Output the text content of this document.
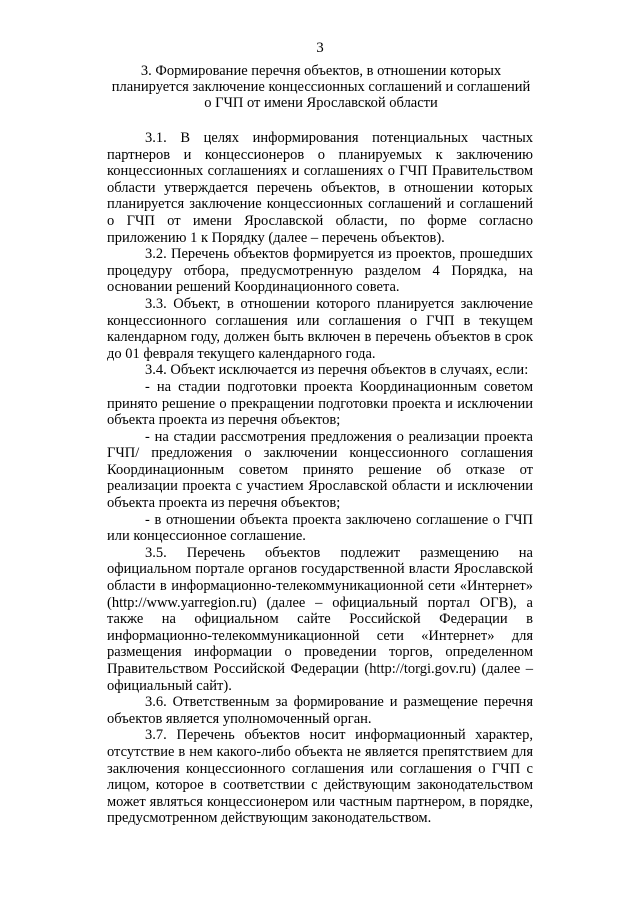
3
3. Формирование перечня объектов, в отношении которых планируется заключение концессионных соглашений и соглашений о ГЧП от имени Ярославской области

3.1. В целях информирования потенциальных частных партнеров и концессионеров о планируемых к заключению концессионных соглашениях и соглашениях о ГЧП Правительством области утверждается перечень объектов, в отношении которых планируется заключение концессионных соглашений и соглашений о ГЧП от имени Ярославской области, по форме согласно приложению 1 к Порядку (далее – перечень объектов).

3.2. Перечень объектов формируется из проектов, прошедших процедуру отбора, предусмотренную разделом 4 Порядка, на основании решений Координационного совета.

3.3. Объект, в отношении которого планируется заключение концессионного соглашения или соглашения о ГЧП в текущем календарном году, должен быть включен в перечень объектов в срок до 01 февраля текущего календарного года.

3.4. Объект исключается из перечня объектов в случаях, если:

- на стадии подготовки проекта Координационным советом принято решение о прекращении подготовки проекта и исключении объекта проекта из перечня объектов;

- на стадии рассмотрения предложения о реализации проекта ГЧП/ предложения о заключении концессионного соглашения Координационным советом принято решение об отказе от реализации проекта с участием Ярославской области и исключении объекта проекта из перечня объектов;

- в отношении объекта проекта заключено соглашение о ГЧП или концессионное соглашение.

3.5. Перечень объектов подлежит размещению на официальном портале органов государственной власти Ярославской области в информационно-телекоммуникационной сети «Интернет» (http://www.yar​region.ru) (далее – официальный портал ОГВ), а также на официальном сайте Российской Федерации в информационно-телекоммуникационной сети «Интернет» для размещения информации о проведении торгов, определенном Правительством Российской Федерации (http://torgi.gov.ru) (далее – официальный сайт).

3.6. Ответственным за формирование и размещение перечня объектов является уполномоченный орган.

3.7. Перечень объектов носит информационный характер, отсутствие в нем какого-либо объекта не является препятствием для заключения концессионного соглашения или соглашения о ГЧП с лицом, которое в соответствии с действующим законодательством может являться концессионером или частным партнером, в порядке, предусмотренном действующим законодательством.
